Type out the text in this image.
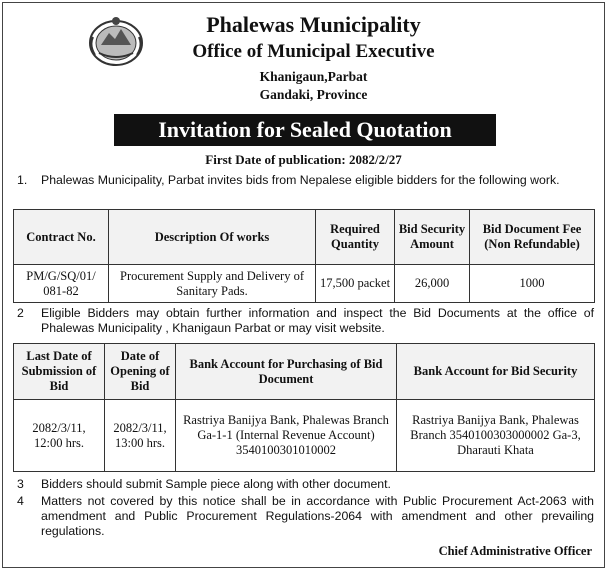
Phalewas Municipality
Office of Municipal Executive
Khanigaun,Parbat
Gandaki, Province
Invitation for Sealed Quotation
First Date of publication: 2082/2/27
1. Phalewas Municipality, Parbat invites bids from Nepalese eligible bidders for the following work.
Contract No.	Description Of works	Required Quantity	Bid Security Amount	Bid Document Fee (Non Refundable)
PM/G/SQ/01/ 081-82	Procurement Supply and Delivery of Sanitary Pads.	17,500 packet	26,000	1000
2 Eligible Bidders may obtain further information and inspect the Bid Documents at the office of Phalewas Municipality , Khanigaun Parbat or may visit website.
Last Date of Submission of Bid	Date of Opening of Bid	Bank Account for Purchasing of Bid Document	Bank Account for Bid Security
2082/3/11, 12:00 hrs.	2082/3/11, 13:00 hrs.	Rastriya Banijya Bank, Phalewas Branch Ga-1-1 (Internal Revenue Account) 3540100301010002	Rastriya Banijya Bank, Phalewas Branch 3540100303000002 Ga-3, Dharauti Khata
3 Bidders should submit Sample piece along with other document.
4 Matters not covered by this notice shall be in accordance with Public Procurement Act-2063 with amendment and Public Procurement Regulations-2064 with amendment and other prevailing regulations.
Chief Administrative Officer
